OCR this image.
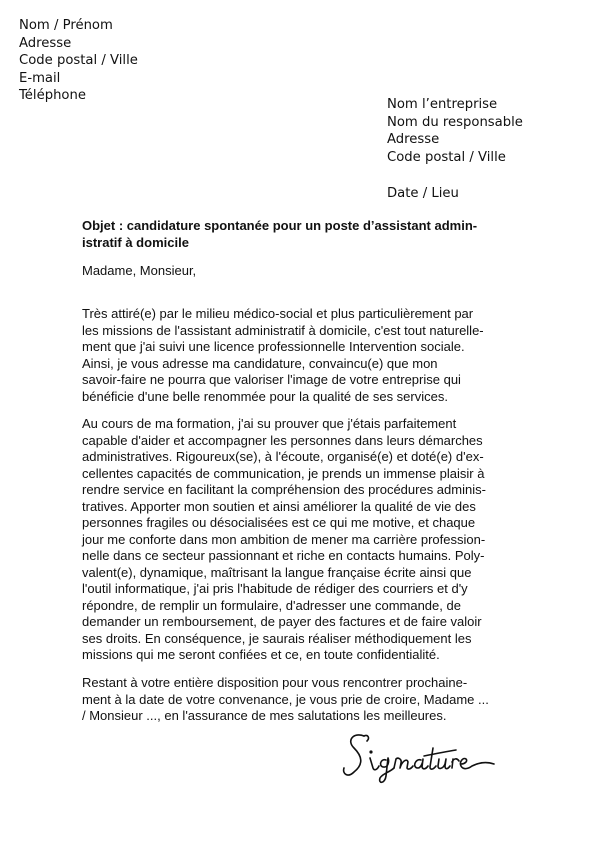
Nom / Prénom
Adresse
Code postal / Ville
E-mail
Téléphone
Nom l’entreprise
Nom du responsable
Adresse
Code postal / Ville
Date / Lieu
Objet : candidature spontanée pour un poste d’assistant admin-
istratif à domicile
Madame, Monsieur,
Très attiré(e) par le milieu médico-social et plus particulièrement par
les missions de l'assistant administratif à domicile, c'est tout naturelle-
ment que j'ai suivi une licence professionnelle Intervention sociale.
Ainsi, je vous adresse ma candidature, convaincu(e) que mon
savoir-faire ne pourra que valoriser l'image de votre entreprise qui
bénéficie d'une belle renommée pour la qualité de ses services.
Au cours de ma formation, j'ai su prouver que j'étais parfaitement
capable d'aider et accompagner les personnes dans leurs démarches
administratives. Rigoureux(se), à l'écoute, organisé(e) et doté(e) d'ex-
cellentes capacités de communication, je prends un immense plaisir à
rendre service en facilitant la compréhension des procédures adminis-
tratives. Apporter mon soutien et ainsi améliorer la qualité de vie des
personnes fragiles ou désocialisées est ce qui me motive, et chaque
jour me conforte dans mon ambition de mener ma carrière profession-
nelle dans ce secteur passionnant et riche en contacts humains. Poly-
valent(e), dynamique, maîtrisant la langue française écrite ainsi que
l'outil informatique, j'ai pris l'habitude de rédiger des courriers et d'y
répondre, de remplir un formulaire, d'adresser une commande, de
demander un remboursement, de payer des factures et de faire valoir
ses droits. En conséquence, je saurais réaliser méthodiquement les
missions qui me seront confiées et ce, en toute confidentialité.
Restant à votre entière disposition pour vous rencontrer prochaine-
ment à la date de votre convenance, je vous prie de croire, Madame ...
/ Monsieur ..., en l'assurance de mes salutations les meilleures.
Signature
